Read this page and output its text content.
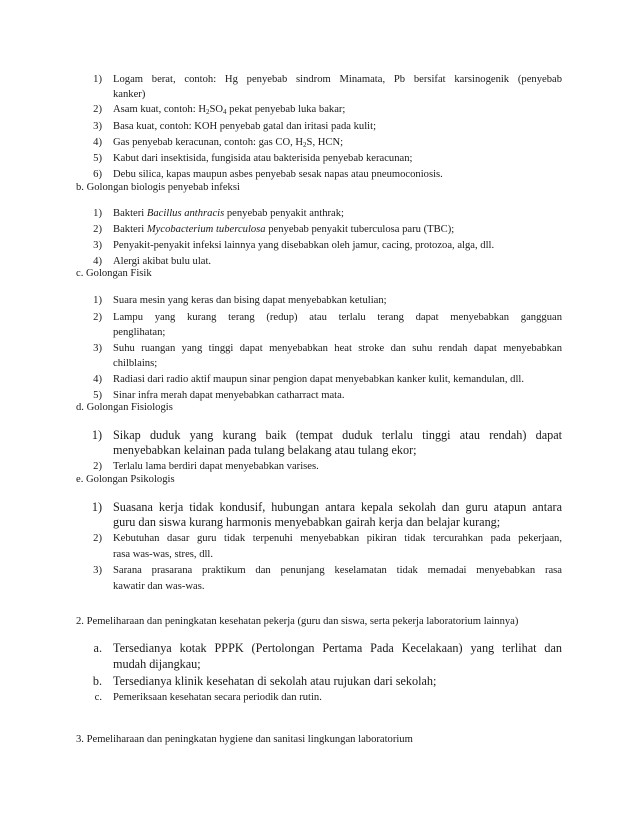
1) Logam berat, contoh: Hg penyebab sindrom Minamata, Pb bersifat karsinogenik (penyebab
kanker)
2) Asam kuat, contoh: $H_2SO_4$ pekat penyebab luka bakar;
3) Basa kuat, contoh: KOH penyebab gatal dan iritasi pada kulit;
4) Gas penyebab keracunan, contoh: gas CO, $H_2S$, HCN;
5) Kabut dari insektisida, fungisida atau bakterisida penyebab keracunan;
6) Debu silica, kapas maupun asbes penyebab sesak napas atau pneumoconiosis.
b. Golongan biologis penyebab infeksi
1) Bakteri Bacillus anthracis penyebab penyakit anthrak;
2) Bakteri Mycobacterium tuberculosa penyebab penyakit tuberculosa paru (TBC);
3) Penyakit-penyakit infeksi lainnya yang disebabkan oleh jamur, cacing, protozoa, alga, dll.
4) Alergi akibat bulu ulat.
c. Golongan Fisik
1) Suara mesin yang keras dan bising dapat menyebabkan ketulian;
2) Lampu yang kurang terang (redup) atau terlalu terang dapat menyebabkan gangguan
penglihatan;
3) Suhu ruangan yang tinggi dapat menyebabkan heat stroke dan suhu rendah dapat menyebabkan
chilblains;
4) Radiasi dari radio aktif maupun sinar pengion dapat menyebabkan kanker kulit, kemandulan, dll.
5) Sinar infra merah dapat menyebabkan catharract mata.
d. Golongan Fisiologis
1) Sikap duduk yang kurang baik (tempat duduk terlalu tinggi atau rendah) dapat
menyebabkan kelainan pada tulang belakang atau tulang ekor;
2) Terlalu lama berdiri dapat menyebabkan varises.
e. Golongan Psikologis
1) Suasana kerja tidak kondusif, hubungan antara kepala sekolah dan guru atapun antara
guru dan siswa kurang harmonis menyebabkan gairah kerja dan belajar kurang;
2) Kebutuhan dasar guru tidak terpenuhi menyebabkan pikiran tidak tercurahkan pada pekerjaan,
rasa was-was, stres, dll.
3) Sarana prasarana praktikum dan penunjang keselamatan tidak memadai menyebabkan rasa
kawatir dan was-was.
2. Pemeliharaan dan peningkatan kesehatan pekerja (guru dan siswa, serta pekerja laboratorium lainnya)
a. Tersedianya kotak PPPK (Pertolongan Pertama Pada Kecelakaan) yang terlihat dan
mudah dijangkau;
b. Tersedianya klinik kesehatan di sekolah atau rujukan dari sekolah;
c. Pemeriksaan kesehatan secara periodik dan rutin.
3. Pemeliharaan dan peningkatan hygiene dan sanitasi lingkungan laboratorium
